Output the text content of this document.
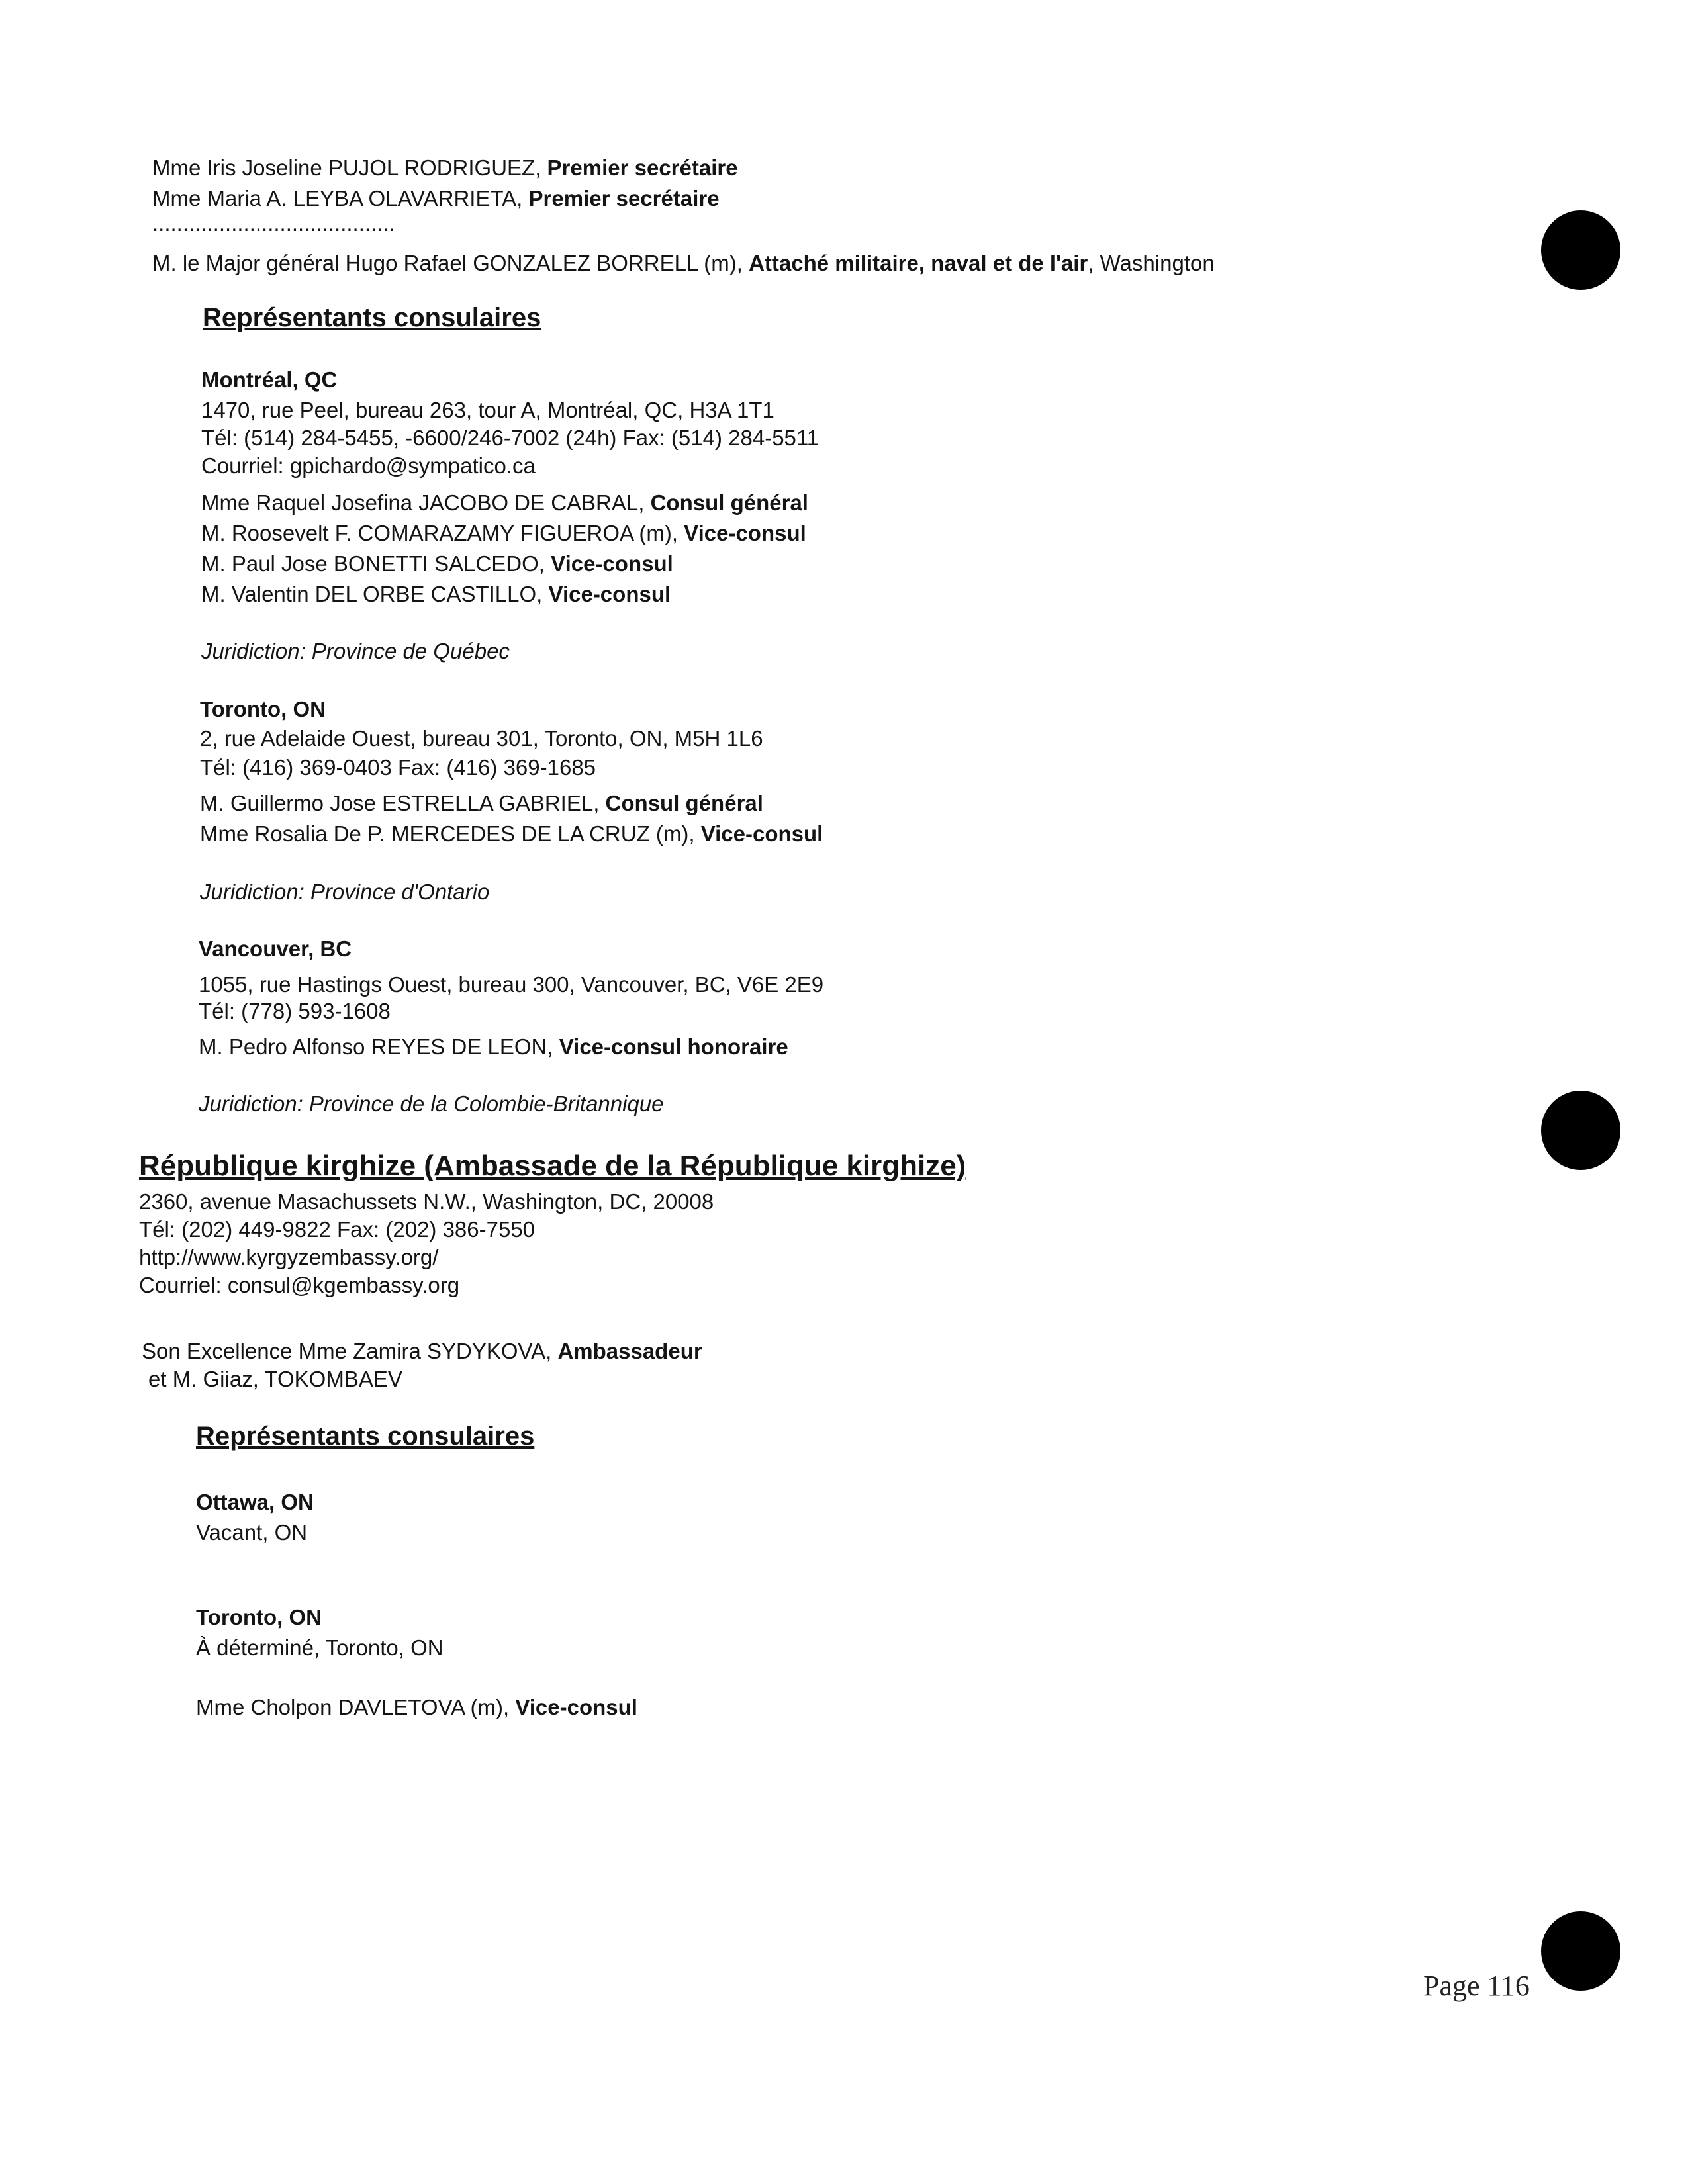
Mme Iris Joseline PUJOL RODRIGUEZ, Premier secrétaire
Mme Maria A. LEYBA OLAVARRIETA, Premier secrétaire
........................................
M. le Major général Hugo Rafael GONZALEZ BORRELL (m), Attaché militaire, naval et de l'air, Washington
Représentants consulaires
Montréal, QC
1470, rue Peel, bureau 263, tour A, Montréal, QC, H3A 1T1
Tél: (514) 284-5455, -6600/246-7002 (24h) Fax: (514) 284-5511
Courriel: gpichardo@sympatico.ca
Mme Raquel Josefina JACOBO DE CABRAL, Consul général
M. Roosevelt F. COMARAZAMY FIGUEROA (m), Vice-consul
M. Paul Jose BONETTI SALCEDO, Vice-consul
M. Valentin DEL ORBE CASTILLO, Vice-consul
Juridiction: Province de Québec
Toronto, ON
2, rue Adelaide Ouest, bureau 301, Toronto, ON, M5H 1L6
Tél: (416) 369-0403 Fax: (416) 369-1685
M. Guillermo Jose ESTRELLA GABRIEL, Consul général
Mme Rosalia De P. MERCEDES DE LA CRUZ (m), Vice-consul
Juridiction: Province d'Ontario
Vancouver, BC
1055, rue Hastings Ouest, bureau 300, Vancouver, BC, V6E 2E9
Tél: (778) 593-1608
M. Pedro Alfonso REYES DE LEON, Vice-consul honoraire
Juridiction: Province de la Colombie-Britannique
République kirghize (Ambassade de la République kirghize)
2360, avenue Masachussets N.W., Washington, DC, 20008
Tél: (202) 449-9822 Fax: (202) 386-7550
http://www.kyrgyzembassy.org/
Courriel: consul@kgembassy.org
Son Excellence Mme Zamira SYDYKOVA, Ambassadeur
et M. Giiaz, TOKOMBAEV
Représentants consulaires
Ottawa, ON
Vacant, ON
Toronto, ON
À déterminé, Toronto, ON
Mme Cholpon DAVLETOVA (m), Vice-consul
Page 116
